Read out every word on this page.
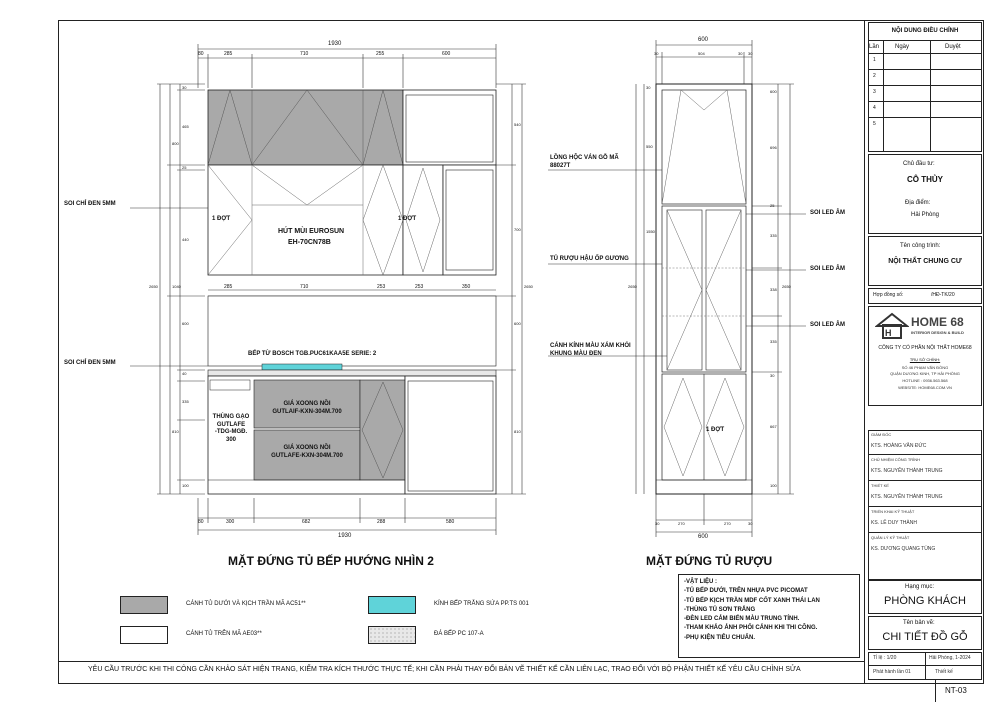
1930
80	285	710	255	600
285	710	253	253	350
80	300	682	288	580
1930
30
465
800
25
440
1040
2650
600
40
335
810
100
540
700
2650
600
810
HÚT MÙI EUROSUN
EH-70CN78B
1 ĐỢT	1 ĐỢT
BẾP TỪ BOSCH TGB.PUC61KAA5E SERIE: 2
THÙNG GẠO
GUTLAFE
-TDG-MGĐ.
300
GIÁ XOONG NỒI
GUTLAIF-KXN-304M.700
GIÁ XOONG NỒI
GUTLAFE-KXN-304M.700
SOI CHỈ ĐEN 5MM
SOI CHỈ ĐEN 5MM
MẶT ĐỨNG TỦ BẾP HƯỚNG NHÌN 2
600
30	504	30 30
30	270	270	30
600
30
550
1550
2650
600
696
25
335
338
2650
335
30
667
100
LỒNG HỘC VÁN GỖ MÃ
88027T
TỦ RƯỢU HẬU ỐP GƯƠNG
CÁNH KÍNH MÀU XÁM KHÓI
KHUNG MÀU ĐEN
SOI LED ÂM
SOI LED ÂM
SOI LED ÂM
1 ĐỢT
MẶT ĐỨNG TỦ RƯỢU
CÁNH TỦ DƯỚI VÀ KỊCH TRẦN MÃ AC51**
CÁNH TỦ TRÊN MÃ AE03**
KÍNH BẾP TRẮNG SỨA PP.TS 001
ĐÁ BẾP PC 107-A
-VẬT LIỆU :
-TỦ BẾP DƯỚI, TRÊN NHỰA PVC PICOMAT
-TỦ BẾP KỊCH TRẦN MDF CỐT XANH THÁI LAN
-THÙNG TỦ SƠN TRẮNG
-ĐÈN LED CẢM BIẾN MÀU TRUNG TÍNH.
-THAM KHẢO ẢNH PHỐI CẢNH KHI THI CÔNG.
-PHỤ KIỆN TIÊU CHUẨN.
YÊU CẦU TRƯỚC KHI THI CÔNG CẦN KHẢO SÁT HIỆN TRANG, KIỂM TRA KÍCH THƯỚC THỰC TẾ; KHI CẦN PHẢI THAY ĐỔI BẢN VẼ THIẾT KẾ CẦN LIÊN LẠC, TRAO ĐỔI VỚI BỘ PHẬN THIẾT KẾ YÊU CẦU CHỈNH SỬA
NỘI DUNG ĐIỀU CHỈNH
Lần	Ngày	Duyệt
1
2
3
4
5
Chủ đầu tư:
CÔ THỦY
Địa điểm:
Hải Phòng
Tên công trình:
NỘI THẤT CHUNG CƯ
Hợp đồng số:	/HĐ-TK/20
H
HOME 68
INTERIOR DESIGN & BUILD
CÔNG TY CỔ PHẦN NỘI THẤT HOME68
TRỤ SỞ CHÍNH:
SỐ 46 PHẠM VĂN ĐỒNG
QUẬN DƯƠNG KINH, TP HẢI PHÒNG
HOTLINE : 0936.563.568
WEBSITE: HOME68.COM.VN
GIÁM ĐỐC
KTS. HOÀNG VĂN ĐỨC
CHỦ NHIỆM CÔNG TRÌNH
KTS. NGUYỄN THÀNH TRUNG
THIẾT KẾ
KTS. NGUYỄN THÀNH TRUNG
TRIỂN KHAI KỸ THUẬT
KS. LÊ DUY THÀNH
QUẢN LÝ KỸ THUẬT
KS. DƯƠNG QUANG TÙNG
Hạng mục:
PHÒNG KHÁCH
Tên bản vẽ:
CHI TIẾT ĐỒ GỖ
Tỉ lệ : 1/20	Hải Phòng, 1-2024
Phát hành lần 01	Thiết kế
NT-03
